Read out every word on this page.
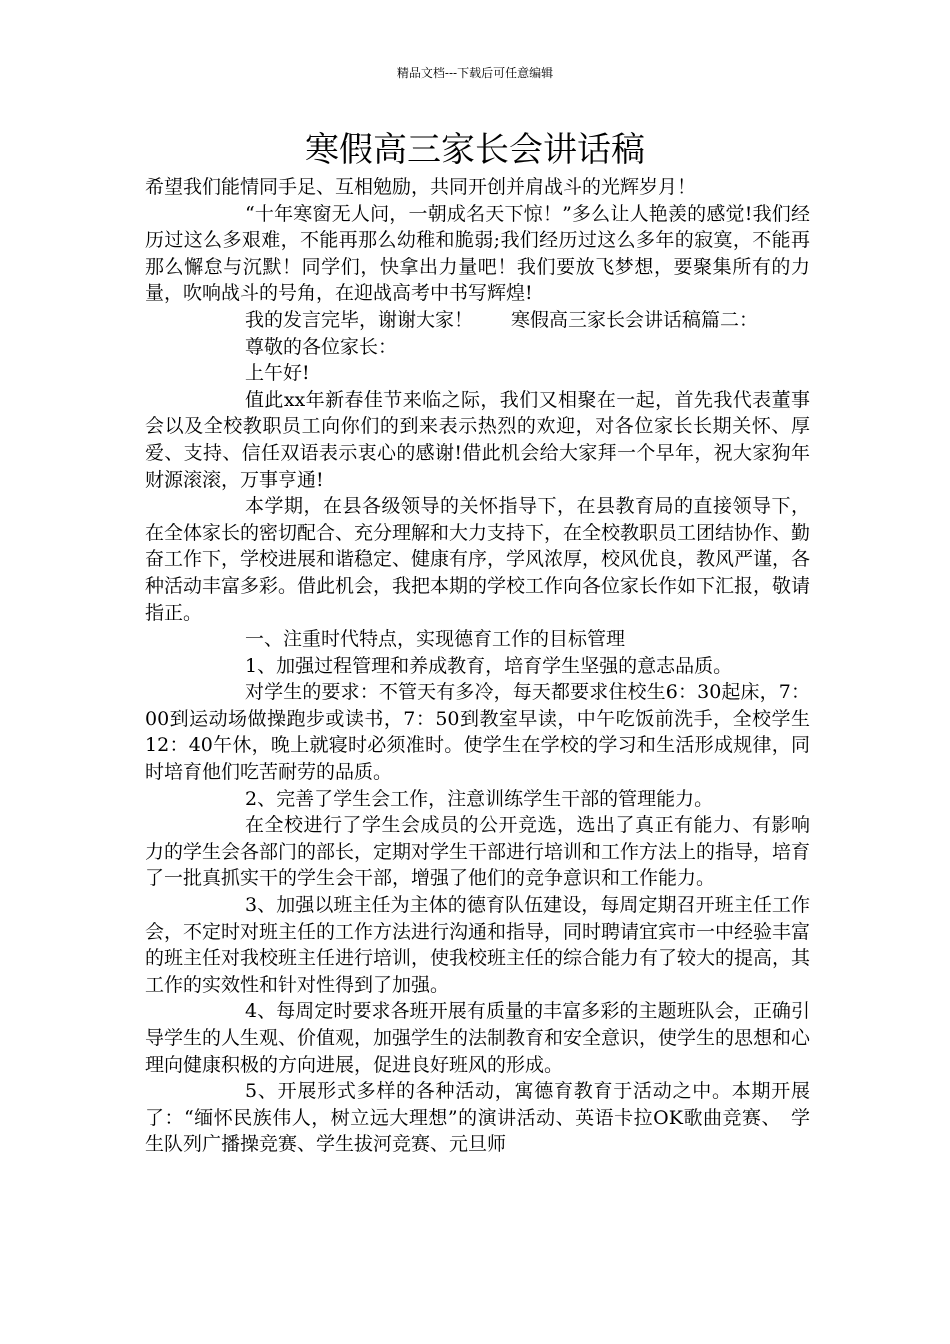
精品文档---下载后可任意编辑
寒假高三家长会讲话稿

希望我们能情同手足、互相勉励，共同开创并肩战斗的光辉岁月！

“十年寒窗无人问，一朝成名天下惊！”多么让人艳羡的感觉!我们经历过这么多艰难，不能再那么幼稚和脆弱;我们经历过这么多年的寂寞，不能再那么懈怠与沉默！同学们，快拿出力量吧！我们要放飞梦想，要聚集所有的力量，吹响战斗的号角，在迎战高考中书写辉煌!

我的发言完毕，谢谢大家！　　寒假高三家长会讲话稿篇二：

尊敬的各位家长：

上午好!

值此xx年新春佳节来临之际，我们又相聚在一起，首先我代表董事会以及全校教职员工向你们的到来表示热烈的欢迎，对各位家长长期关怀、厚爱、支持、信任双语表示衷心的感谢!借此机会给大家拜一个早年，祝大家狗年财源滚滚，万事亨通!

本学期，在县各级领导的关怀指导下，在县教育局的直接领导下，在全体家长的密切配合、充分理解和大力支持下，在全校教职员工团结协作、勤奋工作下，学校进展和谐稳定、健康有序，学风浓厚，校风优良，教风严谨，各种活动丰富多彩。借此机会，我把本期的学校工作向各位家长作如下汇报，敬请指正。

一、注重时代特点，实现德育工作的目标管理

1、加强过程管理和养成教育，培育学生坚强的意志品质。

对学生的要求：不管天有多冷，每天都要求住校生6：30起床，7：00到运动场做操跑步或读书，7：50到教室早读，中午吃饭前洗手，全校学生12：40午休，晚上就寝时必须准时。使学生在学校的学习和生活形成规律，同时培育他们吃苦耐劳的品质。

2、完善了学生会工作，注意训练学生干部的管理能力。

在全校进行了学生会成员的公开竞选，选出了真正有能力、有影响力的学生会各部门的部长，定期对学生干部进行培训和工作方法上的指导，培育了一批真抓实干的学生会干部，增强了他们的竞争意识和工作能力。

3、加强以班主任为主体的德育队伍建设，每周定期召开班主任工作会，不定时对班主任的工作方法进行沟通和指导，同时聘请宜宾市一中经验丰富的班主任对我校班主任进行培训，使我校班主任的综合能力有了较大的提高，其工作的实效性和针对性得到了加强。

4、每周定时要求各班开展有质量的丰富多彩的主题班队会，正确引导学生的人生观、价值观，加强学生的法制教育和安全意识，使学生的思想和心理向健康积极的方向进展，促进良好班风的形成。

5、开展形式多样的各种活动，寓德育教育于活动之中。本期开展了：“缅怀民族伟人，树立远大理想”的演讲活动、英语卡拉OK歌曲竞赛、　学生队列广播操竞赛、学生拔河竞赛、元旦师
